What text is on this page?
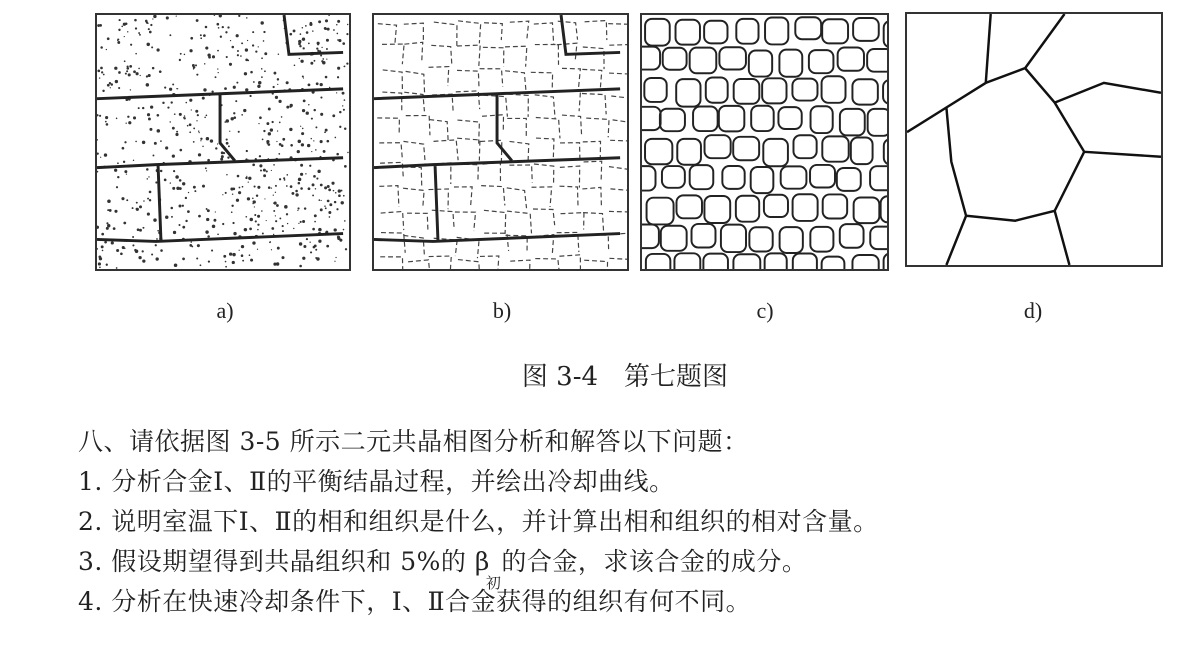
a)	b)	c)	d)
图 3-4　第七题图
八、请依据图 3-5 所示二元共晶相图分析和解答以下问题：
1. 分析合金Ⅰ、Ⅱ的平衡结晶过程，并绘出冷却曲线。
2. 说明室温下Ⅰ、Ⅱ的相和组织是什么，并计算出相和组织的相对含量。
3. 假设期望得到共晶组织和 5%的 $\beta_初$的合金，求该合金的成分。
4. 分析在快速冷却条件下，Ⅰ、Ⅱ合金获得的组织有何不同。
